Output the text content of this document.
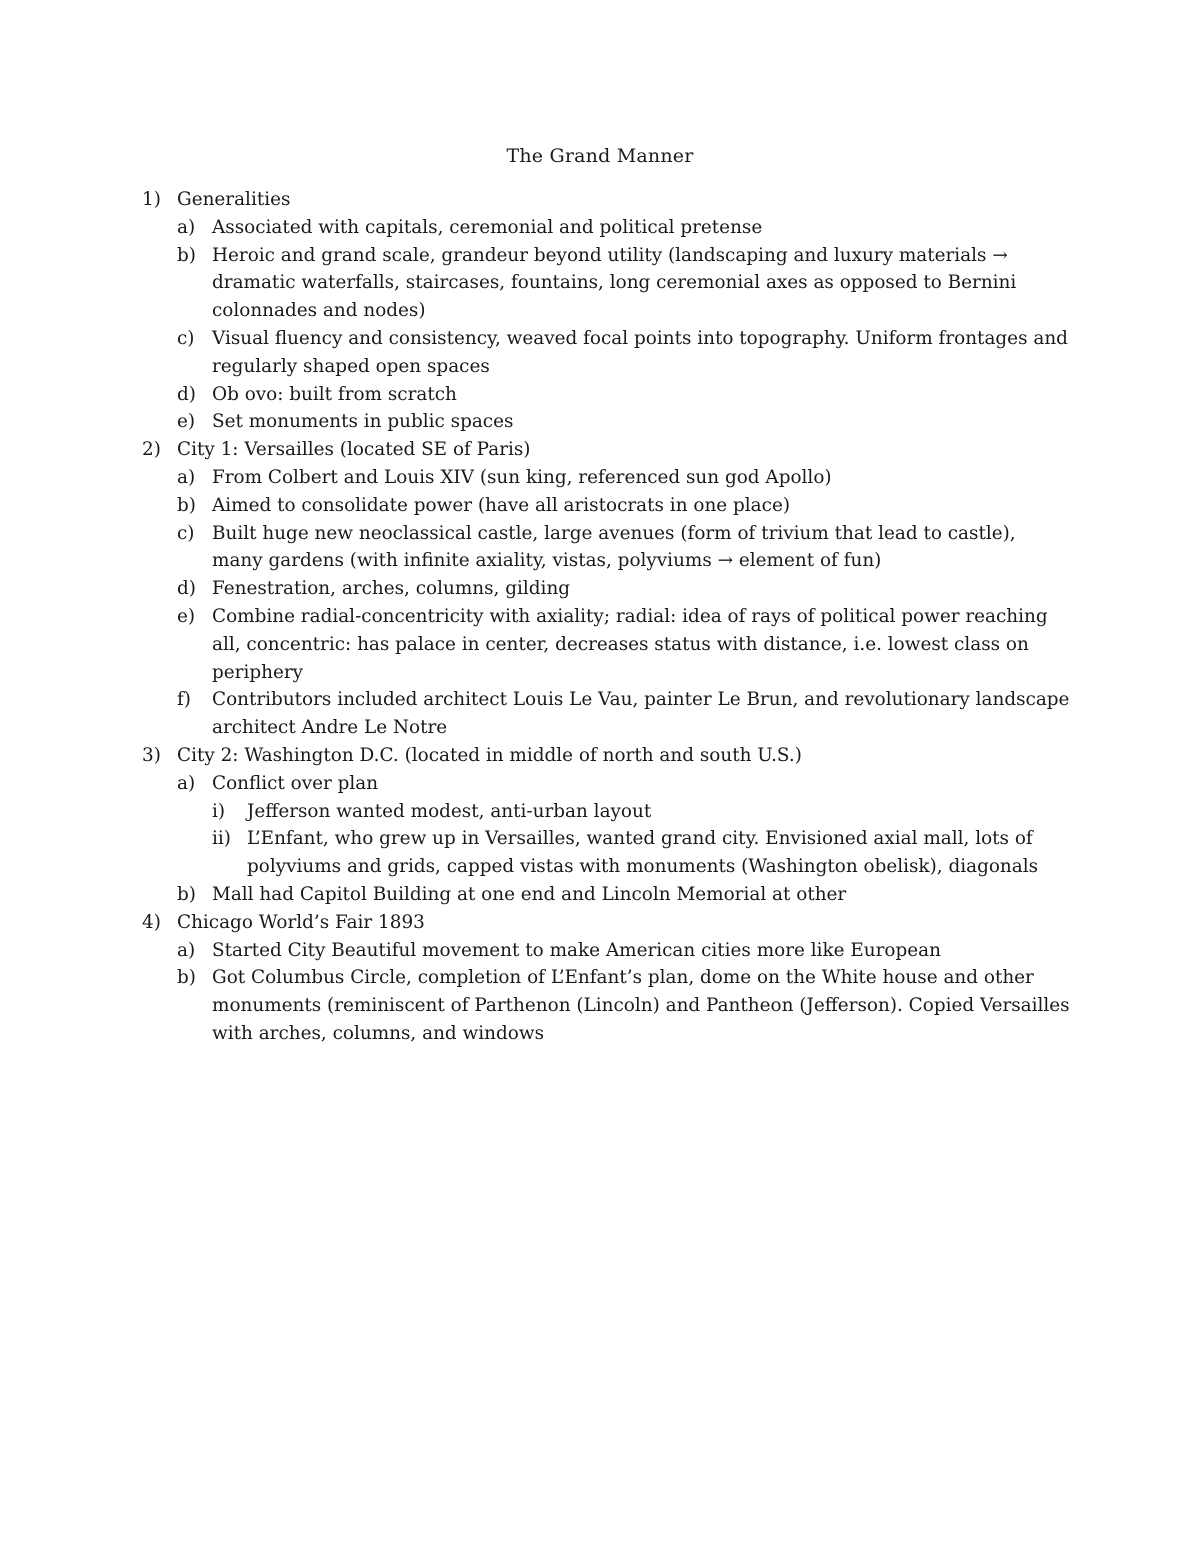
The Grand Manner
1) Generalities
a) Associated with capitals, ceremonial and political pretense
b) Heroic and grand scale, grandeur beyond utility (landscaping and luxury materials → dramatic waterfalls, staircases, fountains, long ceremonial axes as opposed to Bernini colonnades and nodes)
c) Visual fluency and consistency, weaved focal points into topography. Uniform frontages and regularly shaped open spaces
d) Ob ovo: built from scratch
e) Set monuments in public spaces
2) City 1: Versailles (located SE of Paris)
a) From Colbert and Louis XIV (sun king, referenced sun god Apollo)
b) Aimed to consolidate power (have all aristocrats in one place)
c) Built huge new neoclassical castle, large avenues (form of trivium that lead to castle), many gardens (with infinite axiality, vistas, polyviums → element of fun)
d) Fenestration, arches, columns, gilding
e) Combine radial-concentricity with axiality; radial: idea of rays of political power reaching all, concentric: has palace in center, decreases status with distance, i.e. lowest class on periphery
f)	Contributors included architect Louis Le Vau, painter Le Brun, and revolutionary landscape architect Andre Le Notre
3) City 2: Washington D.C. (located in middle of north and south U.S.)
a) Conflict over plan
i)	Jefferson wanted modest, anti-urban layout
ii) L’Enfant, who grew up in Versailles, wanted grand city. Envisioned axial mall, lots of polyviums and grids, capped vistas with monuments (Washington obelisk), diagonals
b) Mall had Capitol Building at one end and Lincoln Memorial at other
4) Chicago World’s Fair 1893
a) Started City Beautiful movement to make American cities more like European
b) Got Columbus Circle, completion of L’Enfant’s plan, dome on the White house and other monuments (reminiscent of Parthenon (Lincoln) and Pantheon (Jefferson). Copied Versailles with arches, columns, and windows
